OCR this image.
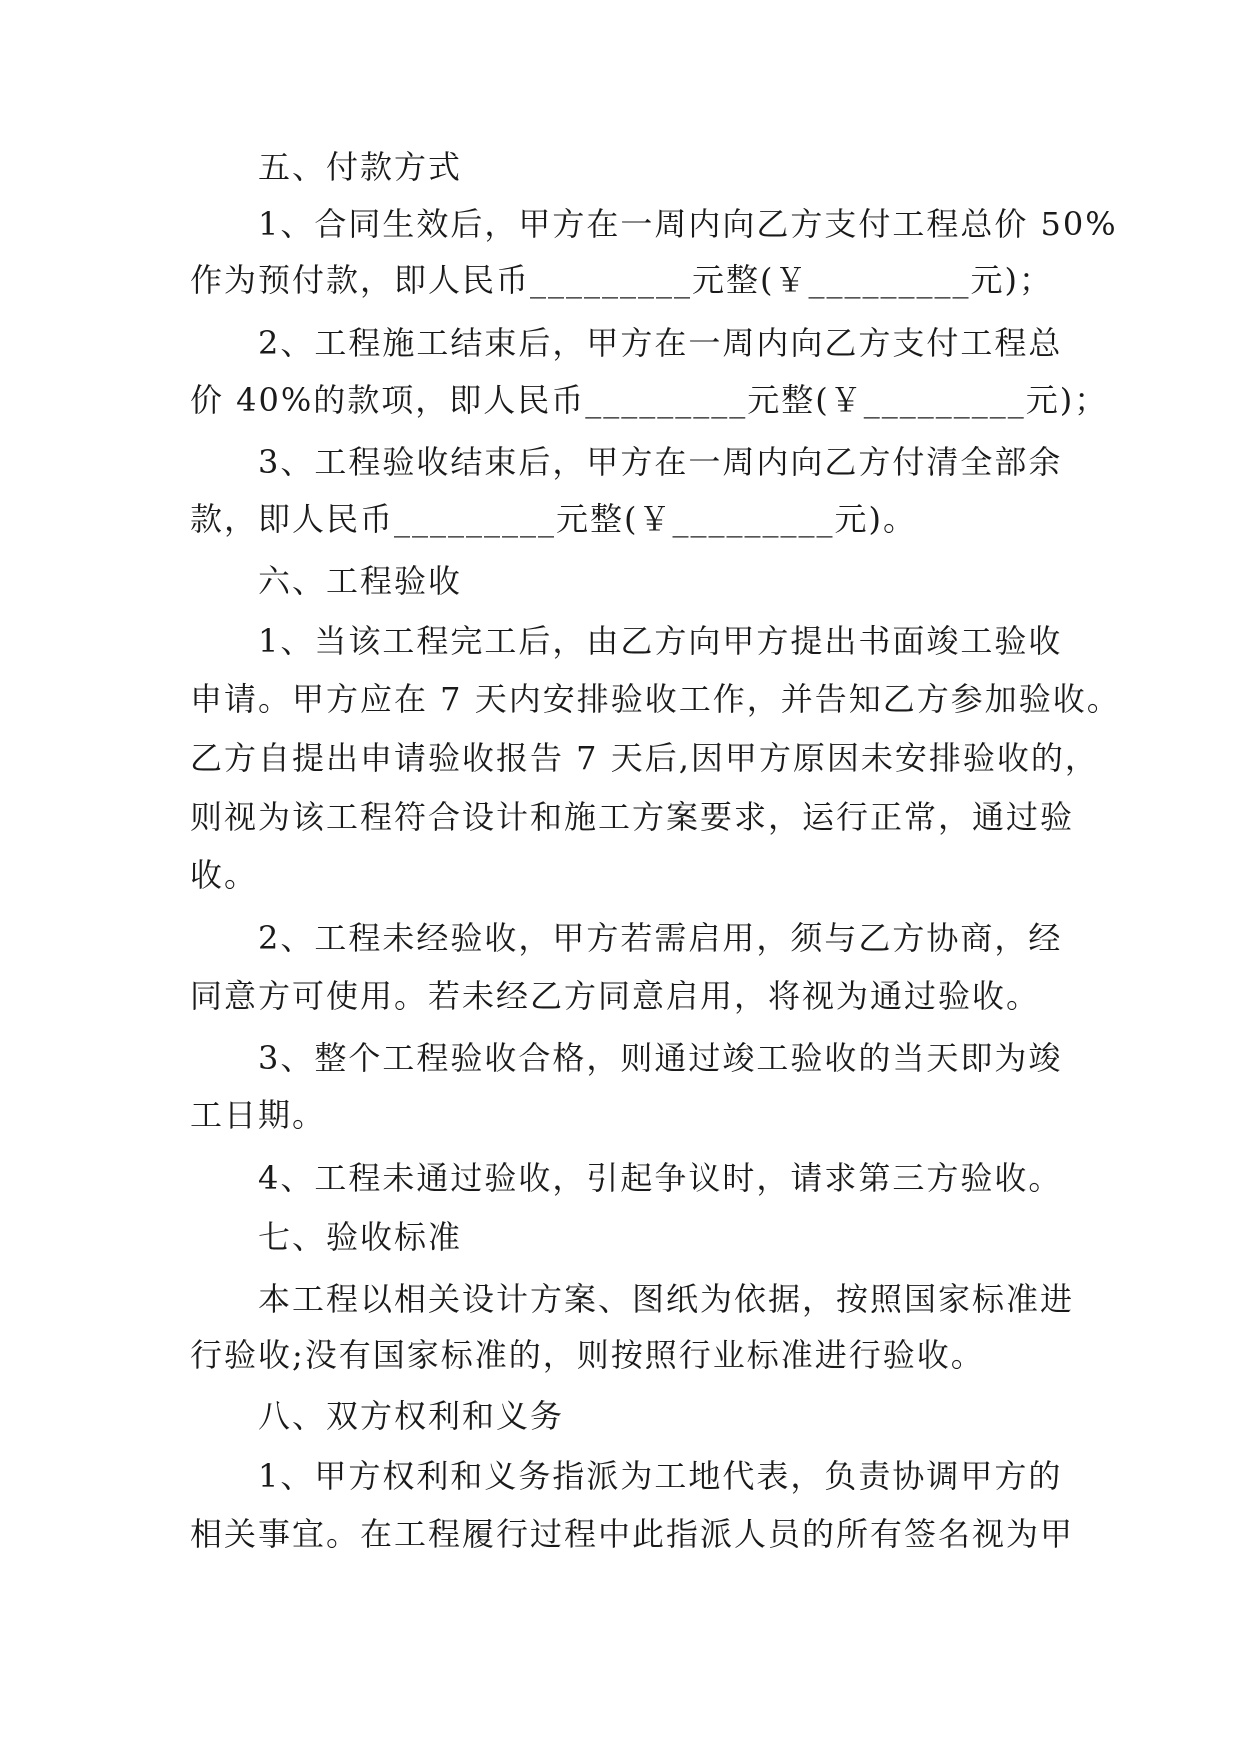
五、付款方式
1、合同生效后，甲方在一周内向乙方支付工程总价 50%
作为预付款，即人民币_________元整(￥_________元)；
2、工程施工结束后，甲方在一周内向乙方支付工程总
价 40%的款项，即人民币_________元整(￥_________元)；
3、工程验收结束后，甲方在一周内向乙方付清全部余
款，即人民币_________元整(￥_________元)。
六、工程验收
1、当该工程完工后，由乙方向甲方提出书面竣工验收
申请。甲方应在 7 天内安排验收工作，并告知乙方参加验收。
乙方自提出申请验收报告 7 天后,因甲方原因未安排验收的，
则视为该工程符合设计和施工方案要求，运行正常，通过验
收。
2、工程未经验收，甲方若需启用，须与乙方协商，经
同意方可使用。若未经乙方同意启用，将视为通过验收。
3、整个工程验收合格，则通过竣工验收的当天即为竣
工日期。
4、工程未通过验收，引起争议时，请求第三方验收。
七、验收标准
本工程以相关设计方案、图纸为依据，按照国家标准进
行验收;没有国家标准的，则按照行业标准进行验收。
八、双方权利和义务
1、甲方权利和义务指派为工地代表，负责协调甲方的
相关事宜。在工程履行过程中此指派人员的所有签名视为甲
